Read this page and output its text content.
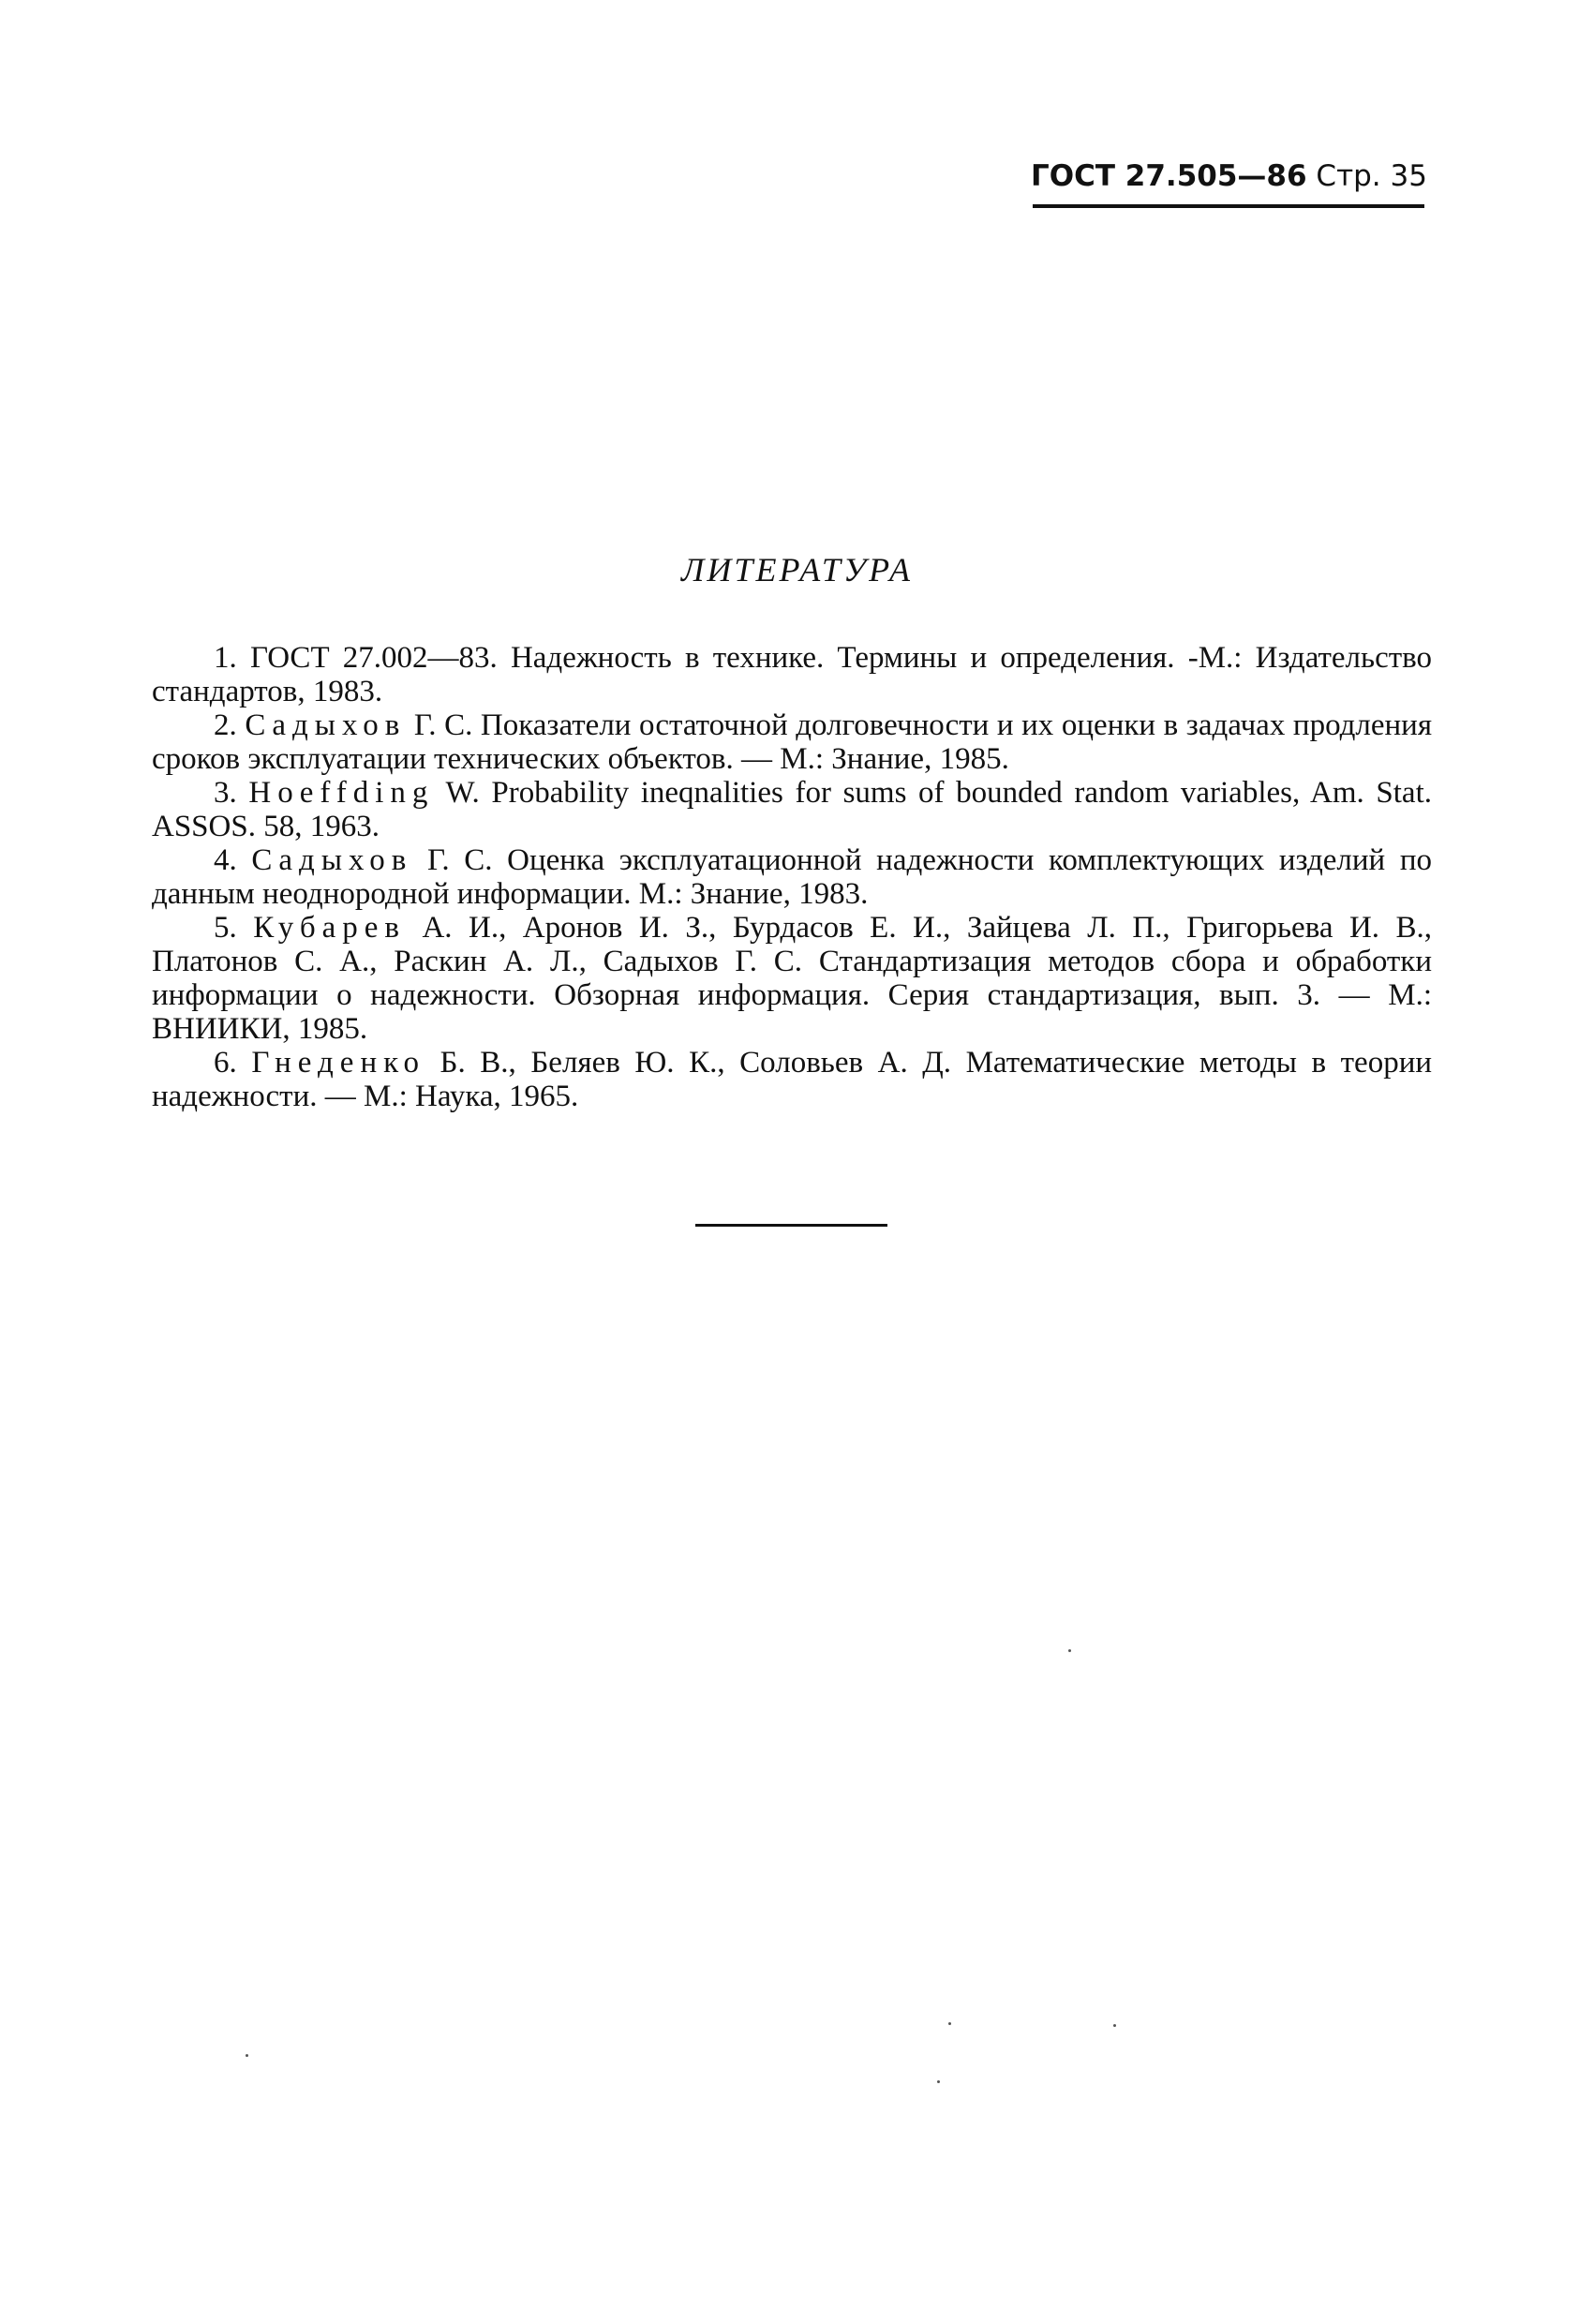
ГОСТ 27.505—86 Стр. 35
ЛИТЕРАТУРА

1. ГОСТ 27.002—83. Надежность в технике. Термины и определения. -М.: Издательство стандартов, 1983.

2. Садыхов Г. С. Показатели остаточной долговечности и их оценки в задачах продления сроков эксплуатации технических объектов. — М.: Знание, 1985.

3. Hoeffding W. Probability ineqnalities for sums of bounded random variables, Am. Stat. ASSOS. 58, 1963.

4. Садыхов Г. С. Оценка эксплуатационной надежности комплектующих изделий по данным неоднородной информации. М.: Знание, 1983.

5. Кубарев А. И., Аронов И. З., Бурдасов Е. И., Зайцева Л. П., Григорьева И. В., Платонов С. А., Раскин А. Л., Садыхов Г. С. Стандартизация методов сбора и обработки информации о надежности. Обзорная информация. Серия стандартизация, вып. 3. — М.: ВНИИКИ, 1985.

6. Гнеденко Б. В., Беляев Ю. К., Соловьев А. Д. Математические методы в теории надежности. — М.: Наука, 1965.
